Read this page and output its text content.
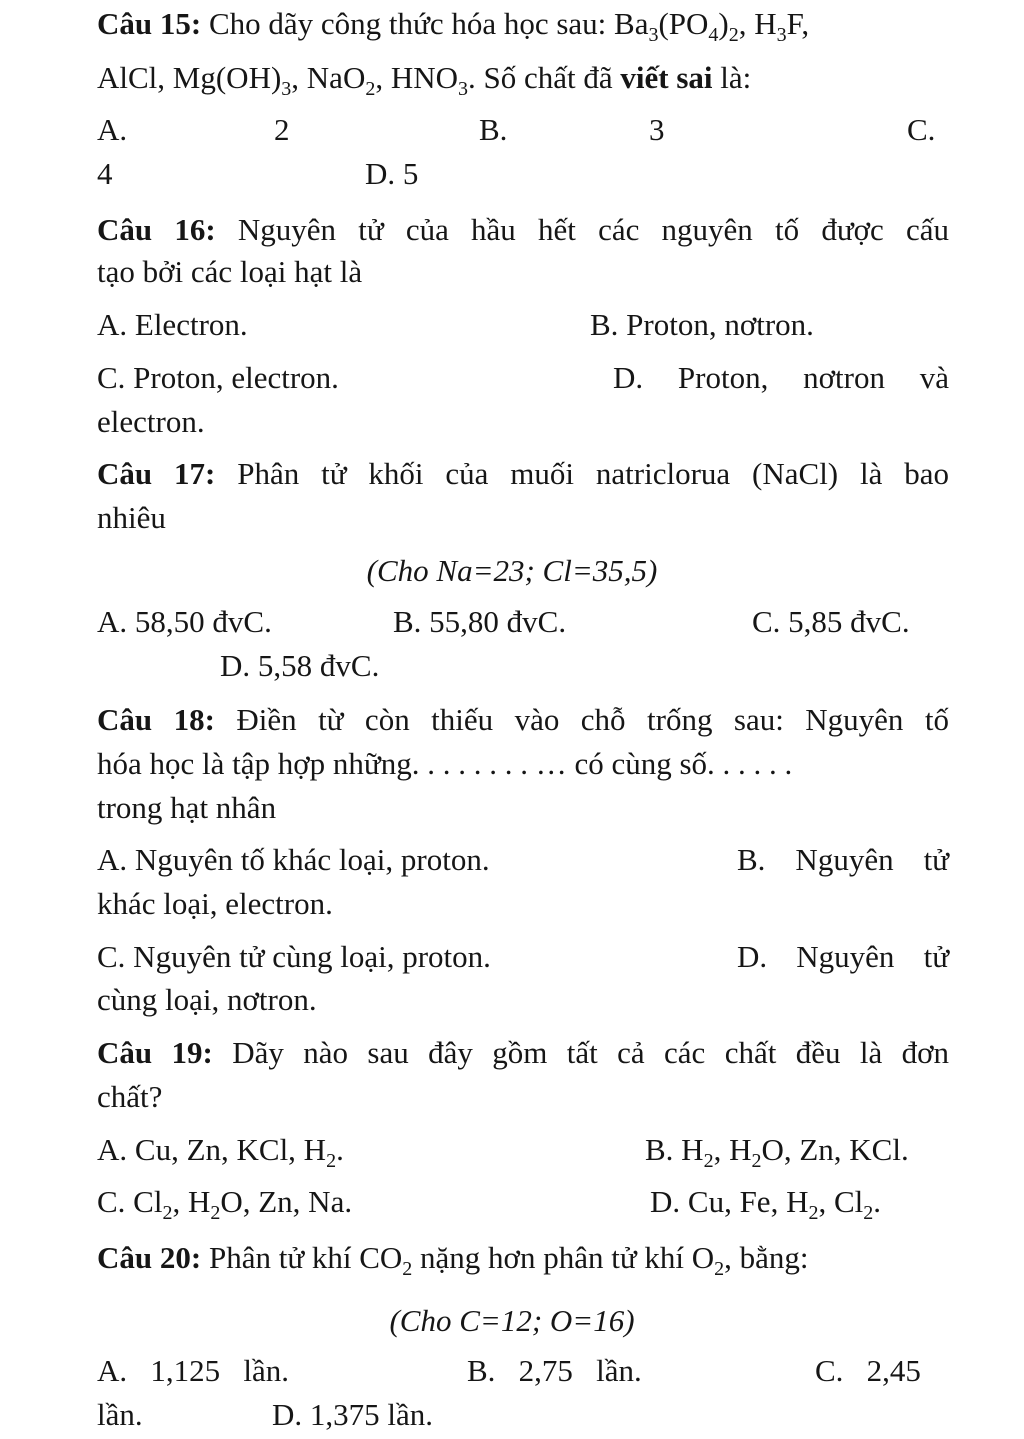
Câu 15: Cho dãy công thức hóa học sau: $Ba_3(PO_4)_2$, $H_3F$,
AlCl, $Mg(OH)_3$, NaO$_2$, $HNO_3$. Số chất đã viết sai là:
A.	2	B.	3	C.
4	D. 5
Câu 16: Nguyên tử của hầu hết các nguyên tố được cấu
tạo bởi các loại hạt là
A. Electron.	B. Proton, nơtron.
C. Proton, electron.	D. Proton, nơtron và
electron.
Câu 17: Phân tử khối của muối natriclorua (NaCl) là bao
nhiêu
(Cho Na=23; Cl=35,5)
A. 58,50 đvC.	B. 55,80 đvC.	C. 5,85 đvC.
D. 5,58 đvC.
Câu 18: Điền từ còn thiếu vào chỗ trống sau: Nguyên tố
hóa học là tập hợp những. . . . . . . . … có cùng số. . . . . .
trong hạt nhân
A. Nguyên tố khác loại, proton.	B. Nguyên tử
khác loại, electron.
C. Nguyên tử cùng loại, proton.	D. Nguyên tử
cùng loại, nơtron.
Câu 19: Dãy nào sau đây gồm tất cả các chất đều là đơn
chất?
A. Cu, Zn, KCl, $H_2$.	B. $H_2$, $H_2O$, Zn, KCl.
C. $Cl_2$, $H_2O$, Zn, Na.	D. Cu, Fe, $H_2$, $Cl_2$.
Câu 20: Phân tử khí $CO_2$ nặng hơn phân tử khí $O_2$, bằng:
(Cho C=12; O=16)
A.   1,125   lần.	B.   2,75   lần.	C.   2,45
lần.	D. 1,375 lần.
